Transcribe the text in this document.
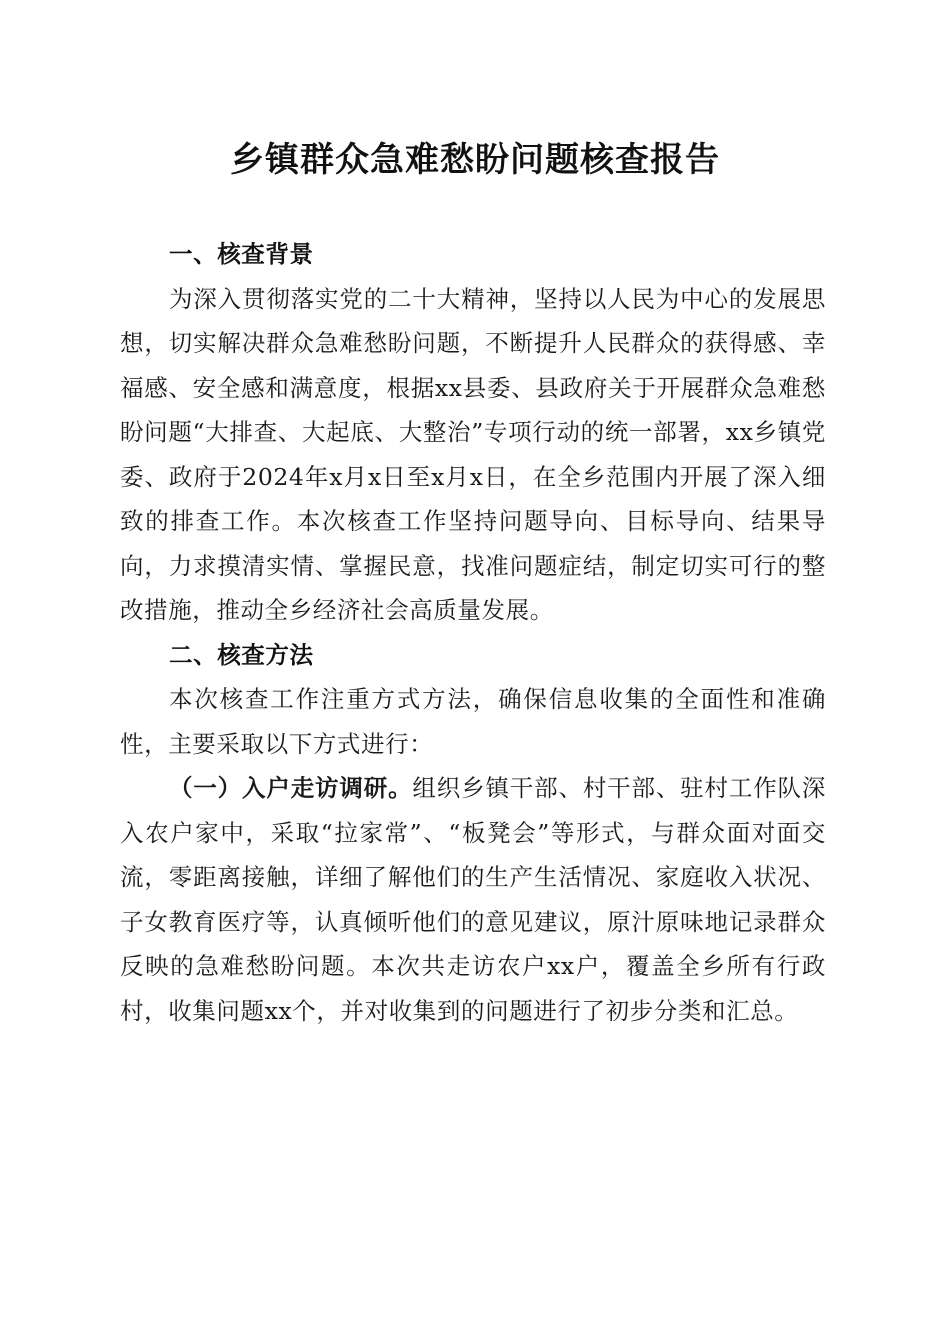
乡镇群众急难愁盼问题核查报告

一、核查背景

为深入贯彻落实党的二十大精神，坚持以人民为中心的发展思想，切实解决群众急难愁盼问题，不断提升人民群众的获得感、幸福感、安全感和满意度，根据xx县委、县政府关于开展群众急难愁盼问题“大排查、大起底、大整治”专项行动的统一部署，xx乡镇党委、政府于2024年x月x日至x月x日，在全乡范围内开展了深入细致的排查工作。本次核查工作坚持问题导向、目标导向、结果导向，力求摸清实情、掌握民意，找准问题症结，制定切实可行的整改措施，推动全乡经济社会高质量发展。

二、核查方法

本次核查工作注重方式方法，确保信息收集的全面性和准确性，主要采取以下方式进行：

（一）入户走访调研。组织乡镇干部、村干部、驻村工作队深入农户家中，采取“拉家常”、“板凳会”等形式，与群众面对面交流，零距离接触，详细了解他们的生产生活情况、家庭收入状况、子女教育医疗等，认真倾听他们的意见建议，原汁原味地记录群众反映的急难愁盼问题。本次共走访农户xx户，覆盖全乡所有行政村，收集问题xx个，并对收集到的问题进行了初步分类和汇总。
